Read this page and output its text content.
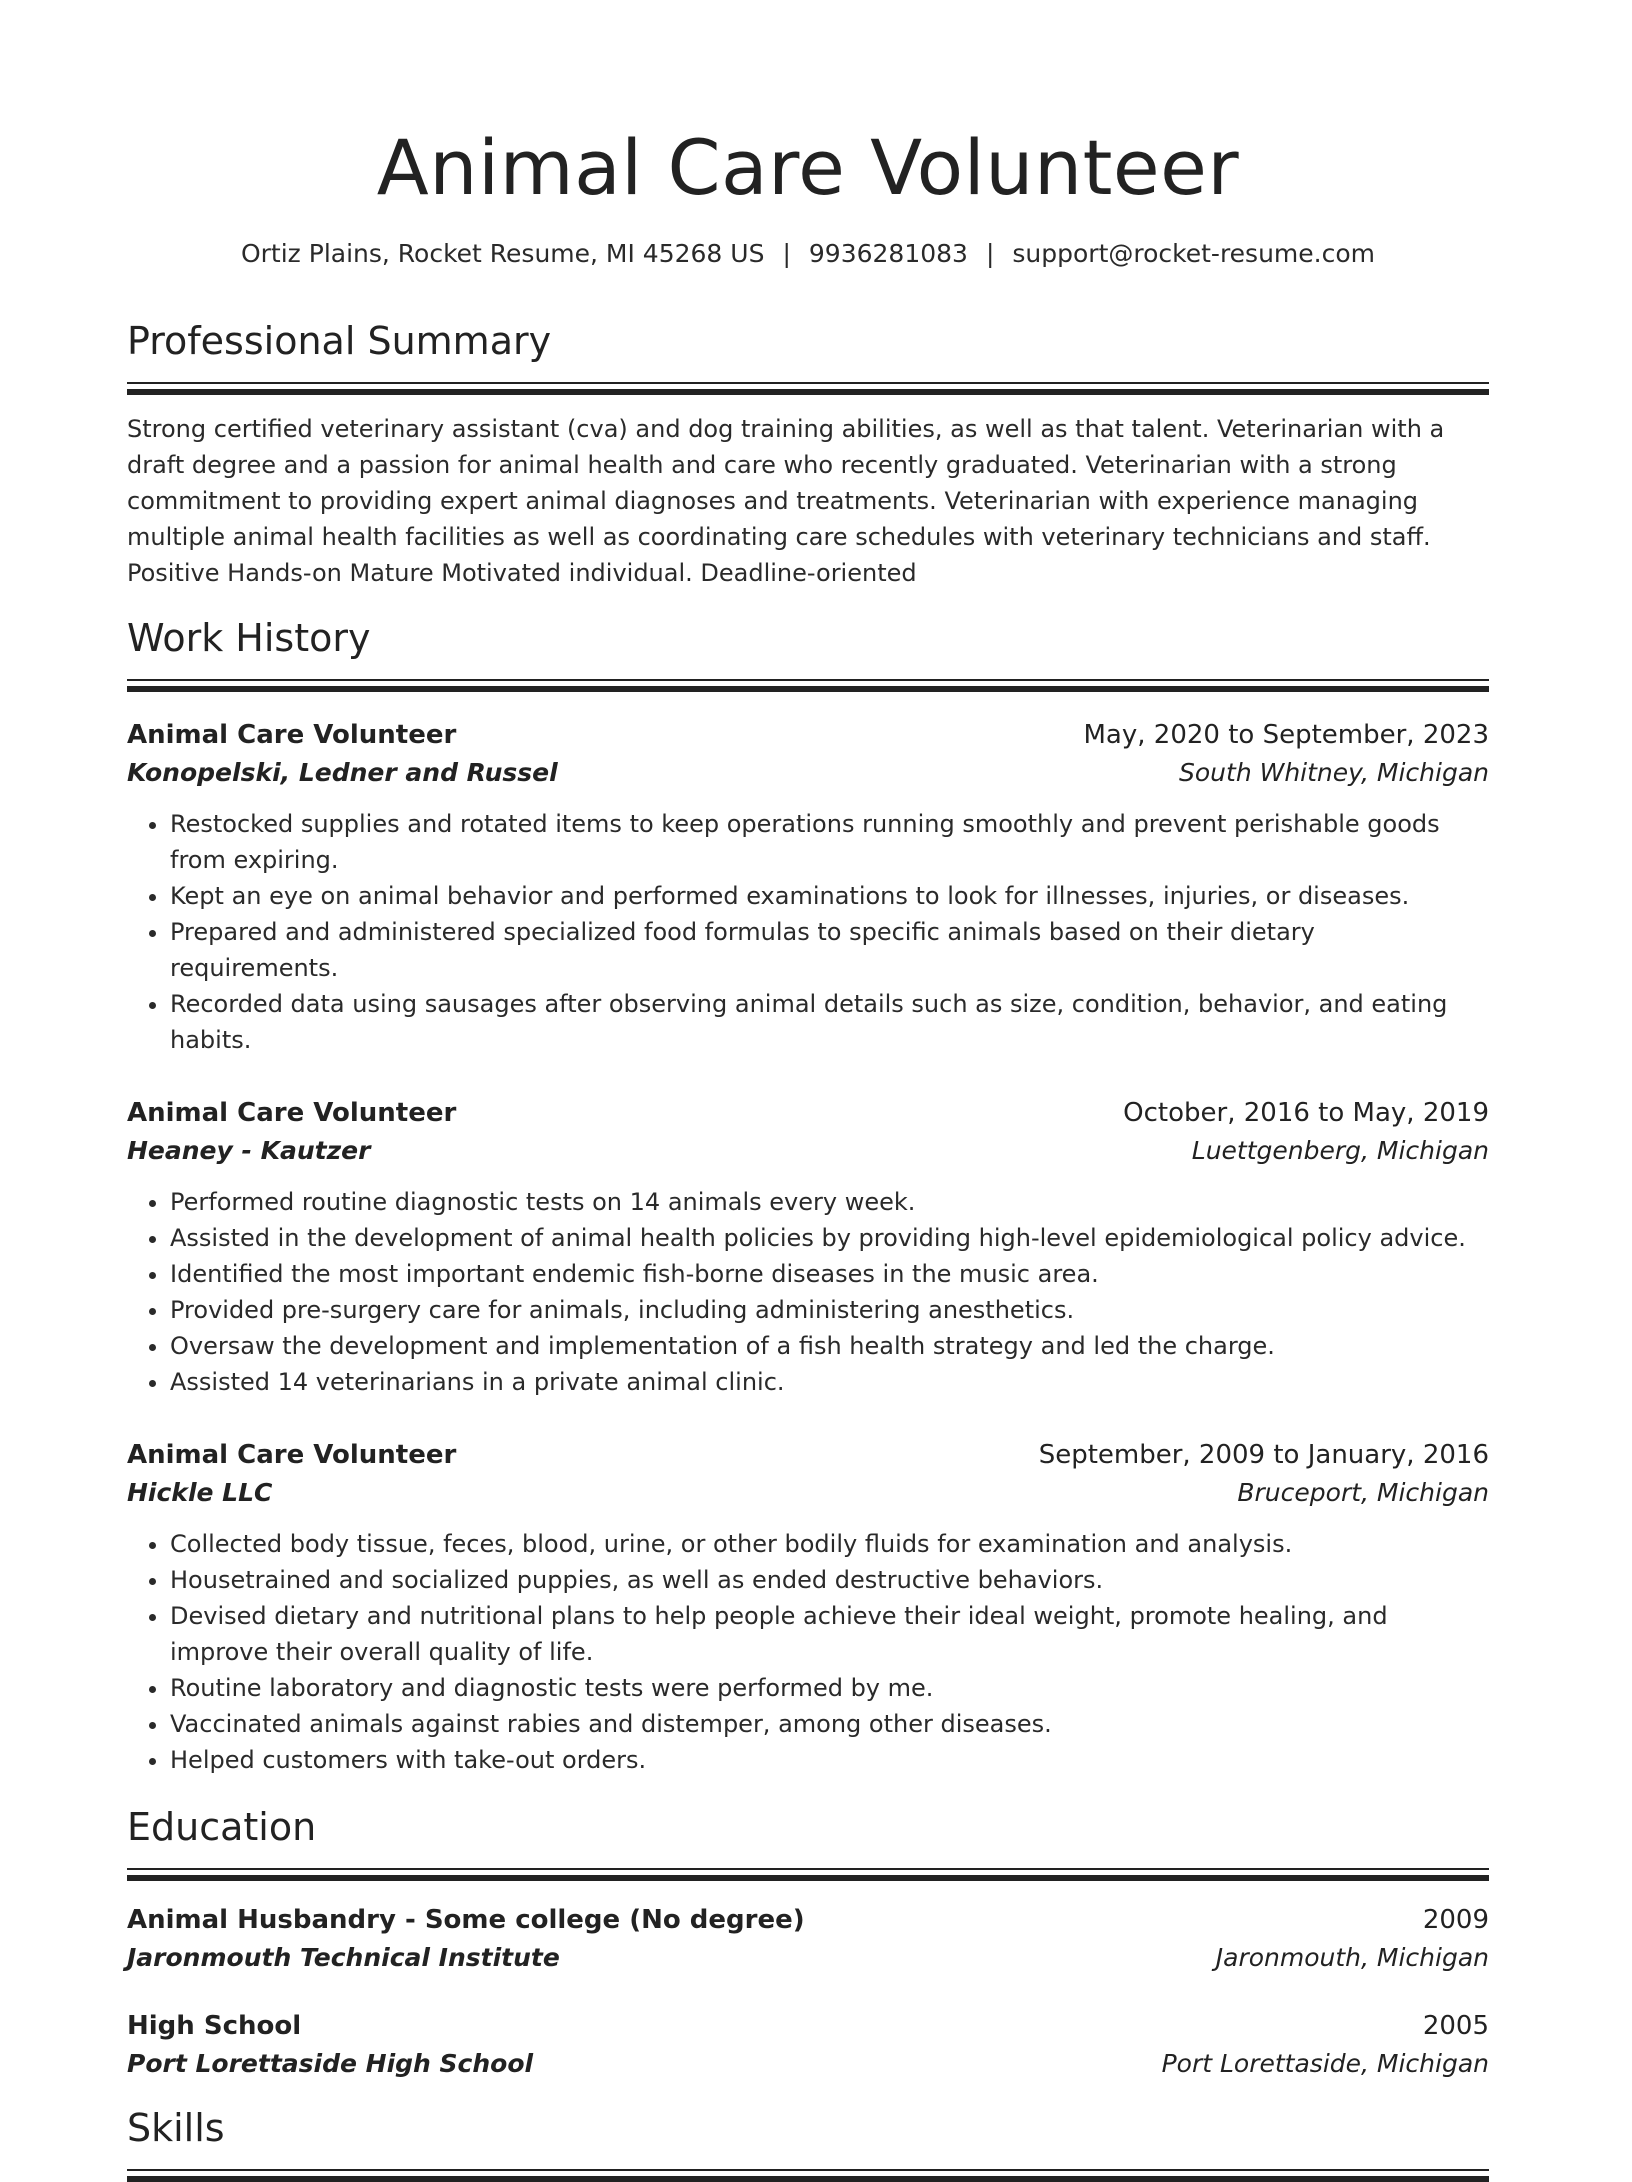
Animal Care Volunteer
Ortiz Plains, Rocket Resume, MI 45268 US | 9936281083 | support@rocket-resume.com
Professional Summary
Strong certified veterinary assistant (cva) and dog training abilities, as well as that talent. Veterinarian with a draft degree and a passion for animal health and care who recently graduated. Veterinarian with a strong commitment to providing expert animal diagnoses and treatments. Veterinarian with experience managing multiple animal health facilities as well as coordinating care schedules with veterinary technicians and staff. Positive Hands-on Mature Motivated individual. Deadline-oriented
Work History
Animal Care Volunteer	May, 2020 to September, 2023
Konopelski, Ledner and Russel	South Whitney, Michigan
• Restocked supplies and rotated items to keep operations running smoothly and prevent perishable goods from expiring.
• Kept an eye on animal behavior and performed examinations to look for illnesses, injuries, or diseases.
• Prepared and administered specialized food formulas to specific animals based on their dietary requirements.
• Recorded data using sausages after observing animal details such as size, condition, behavior, and eating habits.
Animal Care Volunteer	October, 2016 to May, 2019
Heaney - Kautzer	Luettgenberg, Michigan
• Performed routine diagnostic tests on 14 animals every week.
• Assisted in the development of animal health policies by providing high-level epidemiological policy advice.
• Identified the most important endemic fish-borne diseases in the music area.
• Provided pre-surgery care for animals, including administering anesthetics.
• Oversaw the development and implementation of a fish health strategy and led the charge.
• Assisted 14 veterinarians in a private animal clinic.
Animal Care Volunteer	September, 2009 to January, 2016
Hickle LLC	Bruceport, Michigan
• Collected body tissue, feces, blood, urine, or other bodily fluids for examination and analysis.
• Housetrained and socialized puppies, as well as ended destructive behaviors.
• Devised dietary and nutritional plans to help people achieve their ideal weight, promote healing, and improve their overall quality of life.
• Routine laboratory and diagnostic tests were performed by me.
• Vaccinated animals against rabies and distemper, among other diseases.
• Helped customers with take-out orders.
Education
Animal Husbandry - Some college (No degree)	2009
Jaronmouth Technical Institute	Jaronmouth, Michigan
High School	2005
Port Lorettaside High School	Port Lorettaside, Michigan
Skills
